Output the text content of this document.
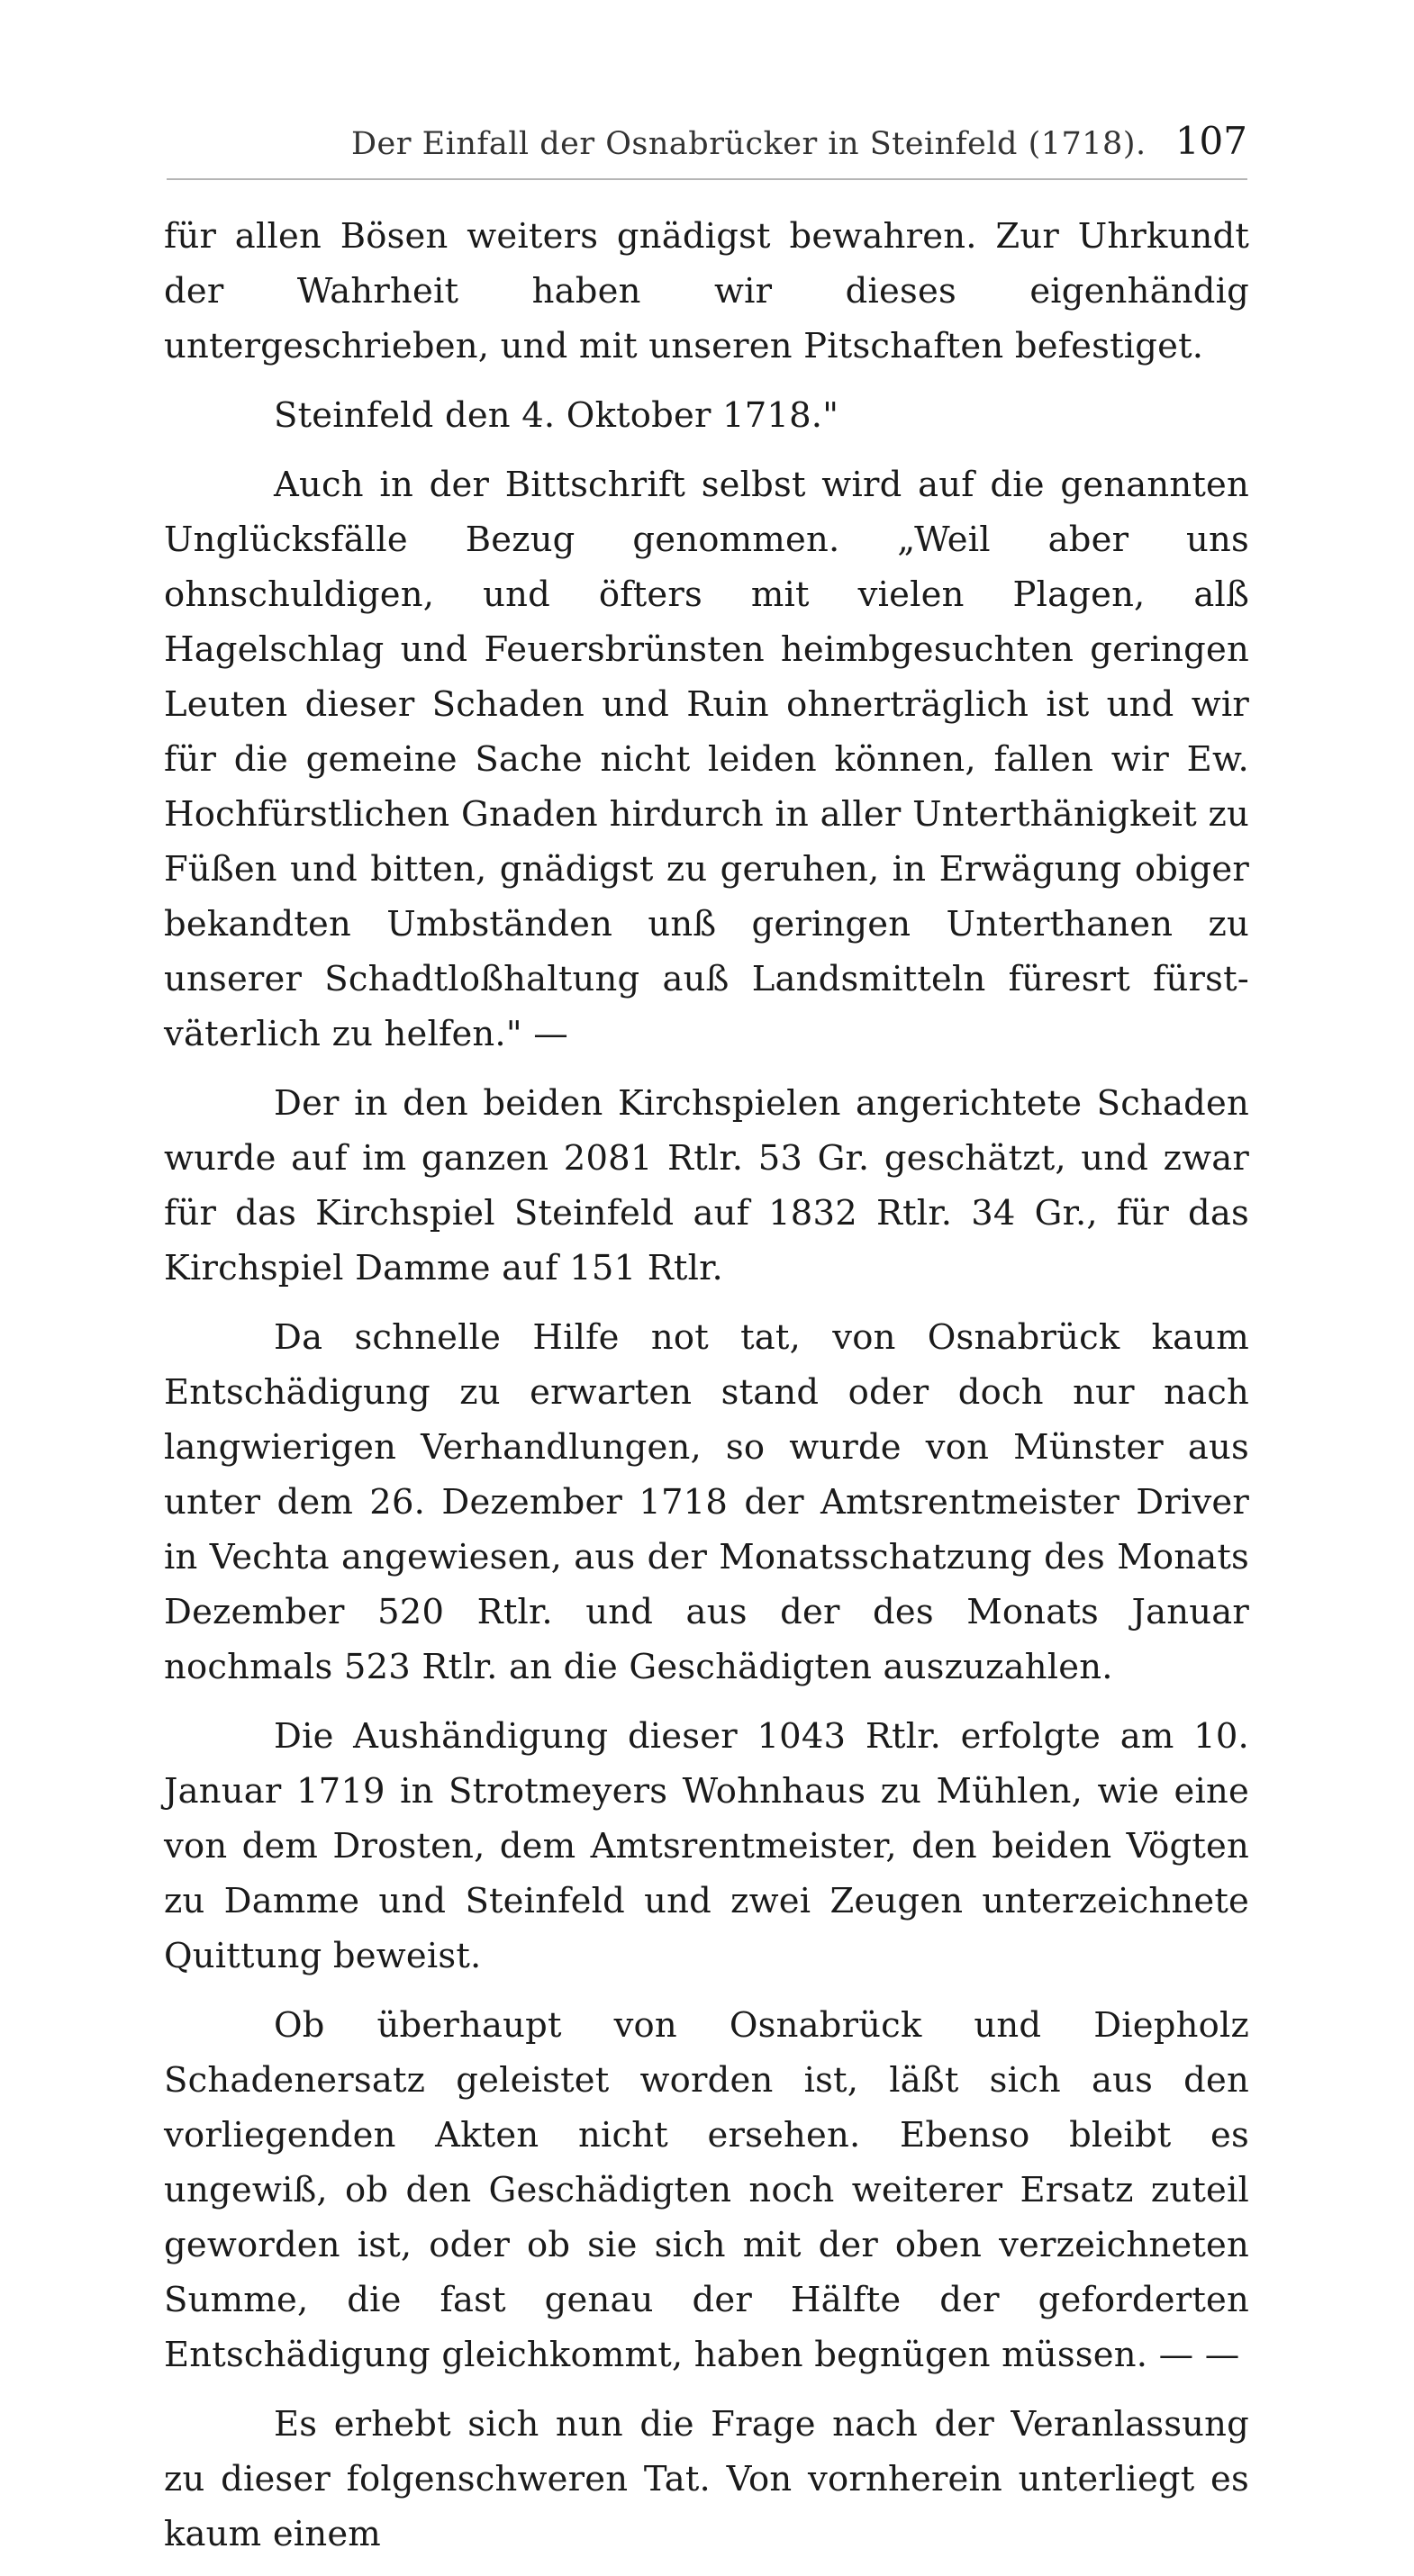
Der Einfall der Osnabrücker in Steinfeld (1718). 107

für allen Bösen weiters gnädigst bewahren. Zur Uhrkundt der Wahrheit haben wir dieses eigenhändig untergeschrieben, und mit unseren Pitschaften befestiget.

Steinfeld den 4. Oktober 1718."

Auch in der Bittschrift selbst wird auf die genannten Unglücksfälle Bezug genommen. „Weil aber uns ohnschuldigen, und öfters mit vielen Plagen, alß Hagelschlag und Feuersbrünsten heimbgesuchten geringen Leuten dieser Schaden und Ruin ohnerträglich ist und wir für die gemeine Sache nicht leiden können, fallen wir Ew. Hochfürstlichen Gnaden hirdurch in aller Unterthänigkeit zu Füßen und bitten, gnädigst zu geruhen, in Erwägung obiger bekandten Umbständen unß geringen Unterthanen zu unserer Schadtloßhaltung auß Landsmitteln füresrt fürst-väterlich zu helfen." —

Der in den beiden Kirchspielen angerichtete Schaden wurde auf im ganzen 2081 Rtlr. 53 Gr. geschätzt, und zwar für das Kirchspiel Steinfeld auf 1832 Rtlr. 34 Gr., für das Kirchspiel Damme auf 151 Rtlr.

Da schnelle Hilfe not tat, von Osnabrück kaum Entschädigung zu erwarten stand oder doch nur nach langwierigen Verhandlungen, so wurde von Münster aus unter dem 26. Dezember 1718 der Amtsrentmeister Driver in Vechta angewiesen, aus der Monatsschatzung des Monats Dezember 520 Rtlr. und aus der des Monats Januar nochmals 523 Rtlr. an die Geschädigten auszuzahlen.

Die Aushändigung dieser 1043 Rtlr. erfolgte am 10. Januar 1719 in Strotmeyers Wohnhaus zu Mühlen, wie eine von dem Drosten, dem Amtsrentmeister, den beiden Vögten zu Damme und Steinfeld und zwei Zeugen unterzeichnete Quittung beweist.

Ob überhaupt von Osnabrück und Diepholz Schadenersatz geleistet worden ist, läßt sich aus den vorliegenden Akten nicht ersehen. Ebenso bleibt es ungewiß, ob den Geschädigten noch weiterer Ersatz zuteil geworden ist, oder ob sie sich mit der oben verzeichneten Summe, die fast genau der Hälfte der geforderten Entschädigung gleichkommt, haben begnügen müssen. — —

Es erhebt sich nun die Frage nach der Veranlassung zu dieser folgenschweren Tat. Von vornherein unterliegt es kaum einem
